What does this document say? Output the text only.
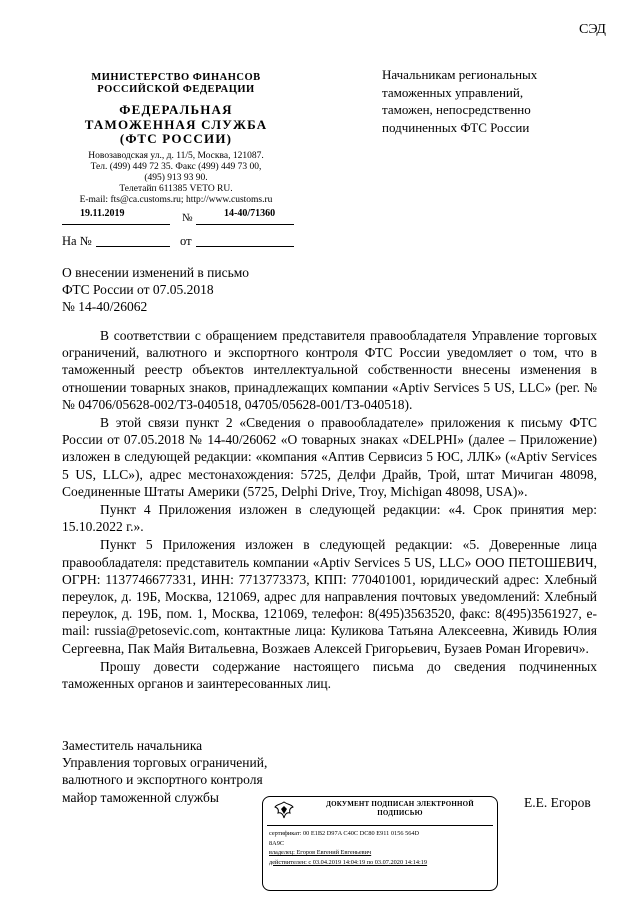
СЭД
МИНИСТЕРСТВО ФИНАНСОВ
РОССИЙСКОЙ ФЕДЕРАЦИИ
ФЕДЕРАЛЬНАЯ
ТАМОЖЕННАЯ СЛУЖБА
(ФТС РОССИИ)
Новозаводская ул., д. 11/5, Москва, 121087.
Тел. (499) 449 72 35. Факс (499) 449 73 00,
(495) 913 93 90.
Телетайп 611385 VETO RU.
E-mail: fts@ca.customs.ru; http://www.customs.ru
19.11.2019	№	14-40/71360
На №	от
Начальникам региональных
таможенных управлений,
таможен, непосредственно
подчиненных ФТС России
О внесении изменений в письмо
ФТС России от 07.05.2018
№ 14-40/26062

В соответствии с обращением представителя правообладателя Управление торговых ограничений, валютного и экспортного контроля ФТС России уведомляет о том, что в таможенный реестр объектов интеллектуальной собственности внесены изменения в отношении товарных знаков, принадлежащих компании «Aptiv Services 5 US, LLC» (рег. №№ 04706/05628-002/ТЗ-040518, 04705/05628-001/ТЗ-040518).

В этой связи пункт 2 «Сведения о правообладателе» приложения к письму ФТС России от 07.05.2018 № 14-40/26062 «О товарных знаках «DELPHI» (далее – Приложение) изложен в следующей редакции: «компания «Аптив Сервисиз 5 ЮС, ЛЛК» («Aptiv Services 5 US, LLC»), адрес местонахождения: 5725, Делфи Драйв, Трой, штат Мичиган 48098, Соединенные Штаты Америки (5725, Delphi Drive, Troy, Michigan 48098, USA)».

Пункт 4 Приложения изложен в следующей редакции: «4. Срок принятия мер: 15.10.2022 г.».

Пункт 5 Приложения изложен в следующей редакции: «5. Доверенные лица правообладателя: представитель компании «Aptiv Services 5 US, LLC» ООО ПЕТОШЕВИЧ, ОГРН: 1137746677331, ИНН: 7713773373, КПП: 770401001, юридический адрес: Хлебный переулок, д. 19Б, Москва, 121069, адрес для направления почтовых уведомлений: Хлебный переулок, д. 19Б, пом. 1, Москва, 121069, телефон: 8(495)3563520, факс: 8(495)3561927, e-mail: russia@petosevic.com, контактные лица: Куликова Татьяна Алексеевна, Живидь Юлия Сергеевна, Пак Майя Витальевна, Возжаев Алексей Григорьевич, Бузаев Роман Игоревич».

Прошу довести содержание настоящего письма до сведения подчиненных таможенных органов и заинтересованных лиц.

Заместитель начальника
Управления торговых ограничений,
валютного и экспортного контроля
майор таможенной службы	Е.Е. Егоров
ДОКУМЕНТ ПОДПИСАН ЭЛЕКТРОННОЙ
ПОДПИСЬЮ
сертификат: 00 E1B2 D97A C40C DC80 E911 0156 564D
8A9C
владелец: Егоров Евгений Евгеньевич
действителен: с 03.04.2019 14:04:19 по 03.07.2020 14:14:19
